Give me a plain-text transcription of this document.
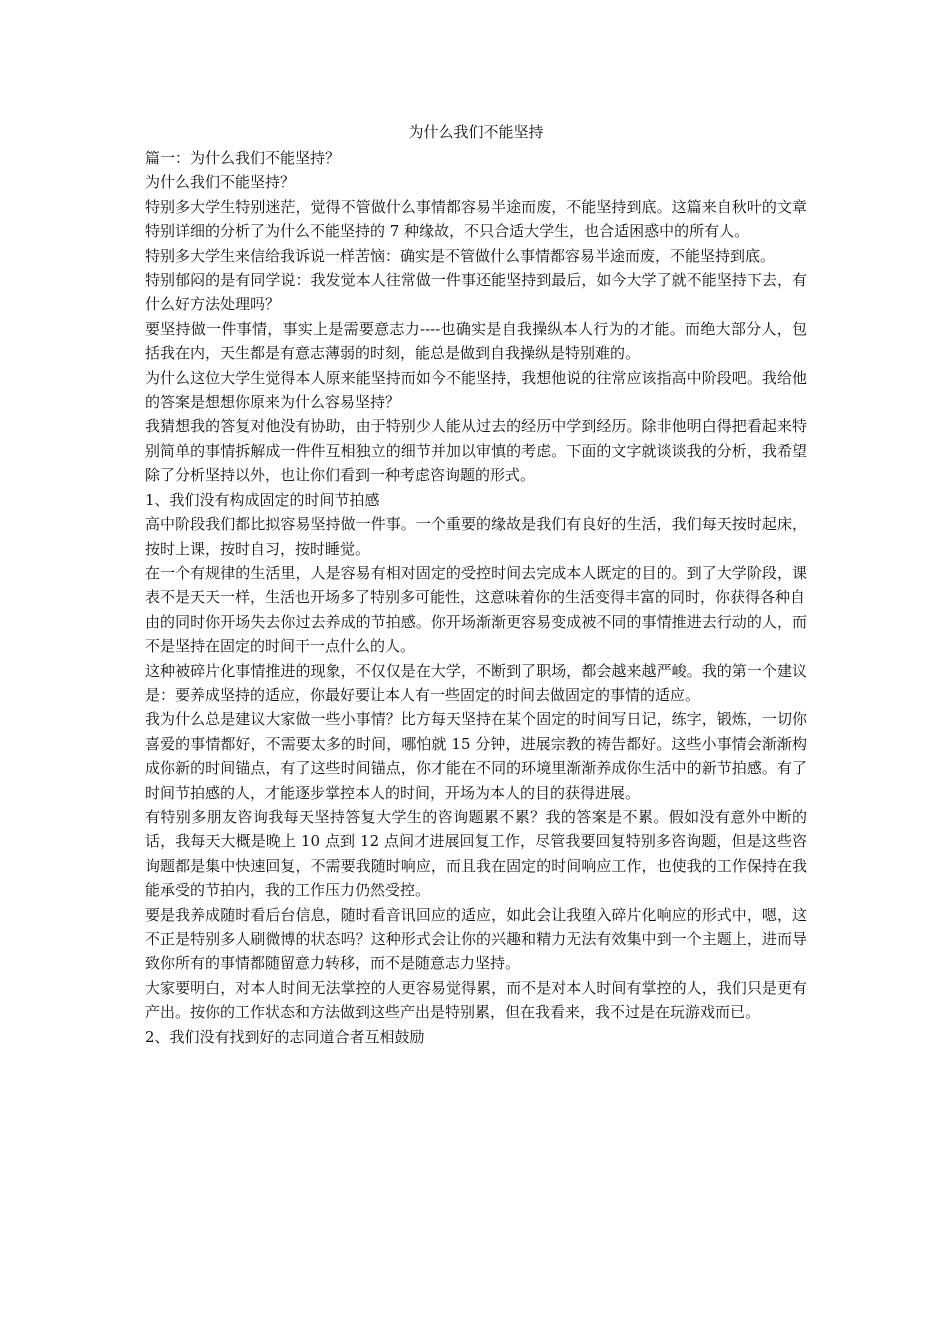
为什么我们不能坚持

篇一：为什么我们不能坚持？

为什么我们不能坚持？

特别多大学生特别迷茫，觉得不管做什么事情都容易半途而废，不能坚持到底。这篇来自秋叶的文章特别详细的分析了为什么不能坚持的 7 种缘故，不只合适大学生，也合适困惑中的所有人。

特别多大学生来信给我诉说一样苦恼：确实是不管做什么事情都容易半途而废，不能坚持到底。

特别郁闷的是有同学说：我发觉本人往常做一件事还能坚持到最后，如今大学了就不能坚持下去，有什么好方法处理吗？

要坚持做一件事情，事实上是需要意志力----也确实是自我操纵本人行为的才能。而绝大部分人，包括我在内，天生都是有意志薄弱的时刻，能总是做到自我操纵是特别难的。

为什么这位大学生觉得本人原来能坚持而如今不能坚持，我想他说的往常应该指高中阶段吧。我给他的答案是想想你原来为什么容易坚持？

我猜想我的答复对他没有协助，由于特别少人能从过去的经历中学到经历。除非他明白得把看起来特别简单的事情拆解成一件件互相独立的细节并加以审慎的考虑。下面的文字就谈谈我的分析，我希望除了分析坚持以外，也让你们看到一种考虑咨询题的形式。

1、我们没有构成固定的时间节拍感

高中阶段我们都比拟容易坚持做一件事。一个重要的缘故是我们有良好的生活，我们每天按时起床，按时上课，按时自习，按时睡觉。

在一个有规律的生活里，人是容易有相对固定的受控时间去完成本人既定的目的。到了大学阶段，课表不是天天一样，生活也开场多了特别多可能性，这意味着你的生活变得丰富的同时，你获得各种自

由的同时你开场失去你过去养成的节拍感。你开场渐渐更容易变成被不同的事情推进去行动的人，而不是坚持在固定的时间干一点什么的人。

这种被碎片化事情推进的现象，不仅仅是在大学，不断到了职场，都会越来越严峻。我的第一个建议是：要养成坚持的适应，你最好要让本人有一些固定的时间去做固定的事情的适应。

我为什么总是建议大家做一些小事情？比方每天坚持在某个固定的时间写日记，练字，锻炼，一切你喜爱的事情都好，不需要太多的时间，哪怕就 15 分钟，进展宗教的祷告都好。这些小事情会渐渐构成你新的时间锚点，有了这些时间锚点，你才能在不同的环境里渐渐养成你生活中的新节拍感。有了时间节拍感的人，才能逐步掌控本人的时间，开场为本人的目的获得进展。

有特别多朋友咨询我每天坚持答复大学生的咨询题累不累？我的答案是不累。假如没有意外中断的话，我每天大概是晚上 10 点到 12 点间才进展回复工作，尽管我要回复特别多咨询题，但是这些咨询题都是集中快速回复，不需要我随时响应，而且我在固定的时间响应工作，也使我的工作保持在我能承受的节拍内，我的工作压力仍然受控。

要是我养成随时看后台信息，随时看音讯回应的适应，如此会让我堕入碎片化响应的形式中，嗯，这不正是特别多人刷微博的状态吗？这种形式会让你的兴趣和精力无法有效集中到一个主题上，进而导致你所有的事情都随留意力转移，而不是随意志力坚持。

大家要明白，对本人时间无法掌控的人更容易觉得累，而不是对本人时间有掌控的人，我们只是更有产出。按你的工作状态和方法做到这些产出是特别累，但在我看来，我不过是在玩游戏而已。

2、我们没有找到好的志同道合者互相鼓励
